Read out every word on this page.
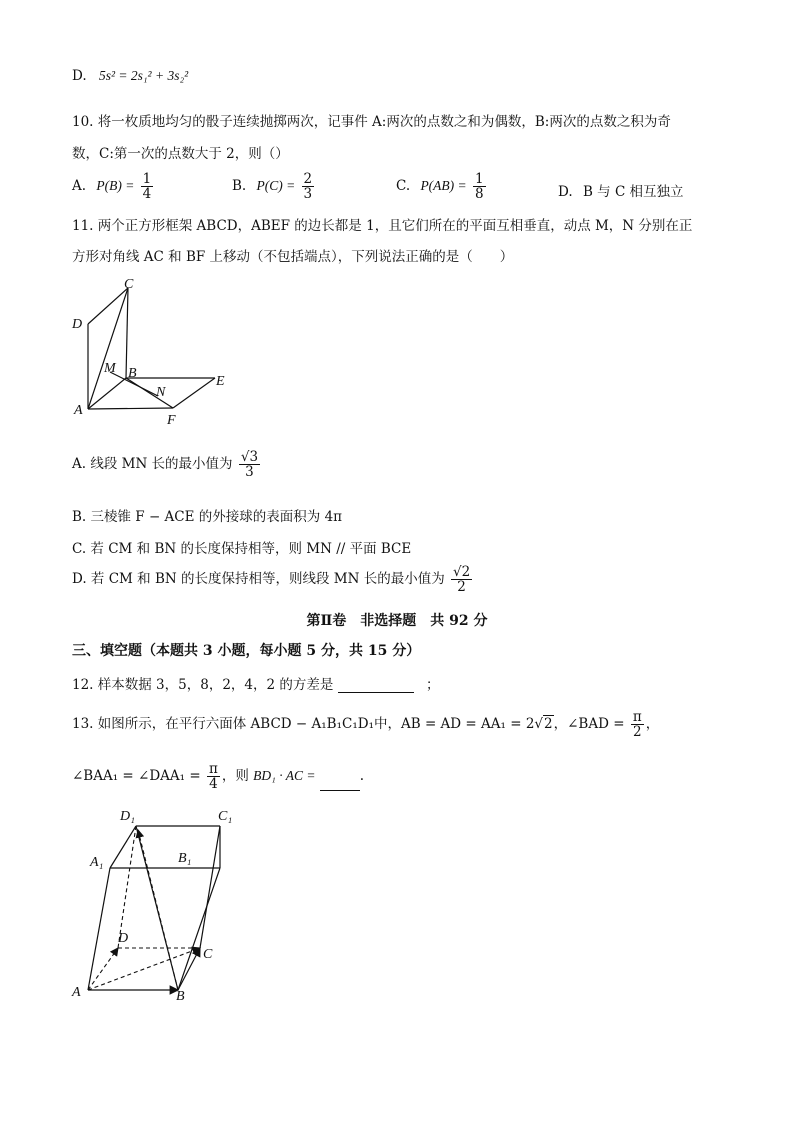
D. 5s² = 2s₁² + 3s₂²
10. 将一枚质地均匀的骰子连续抛掷两次，记事件 A:两次的点数之和为偶数，B:两次的点数之积为奇
数，C:第一次的点数大于 2，则（）
A. $P(B) = \frac{1}{4}$	B. $P(C) = \frac{2}{3}$	C. $P(AB) = \frac{1}{8}$	D. B 与 C 相互独立
11. 两个正方形框架 ABCD，ABEF 的边长都是 1，且它们所在的平面互相垂直，动点 M，N 分别在正
方形对角线 AC 和 BF 上移动（不包括端点），下列说法正确的是（　　）
C
D
M B
E
N
A
F
A. 线段 MN 长的最小值为 $\frac{√3}{3}$
B. 三棱锥 F − ACE 的外接球的表面积为 4π
C. 若 CM 和 BN 的长度保持相等，则 MN // 平面 BCE
D. 若 CM 和 BN 的长度保持相等，则线段 MN 长的最小值为 $\frac{√2}{2}$
第Ⅱ卷　非选择题　共 92 分
三、填空题（本题共 3 小题，每小题 5 分，共 15 分）
12. 样本数据 3，5，8，2，4，2 的方差是	；
13. 如图所示，在平行六面体 ABCD − A₁B₁C₁D₁中，AB = AD = AA₁ = 2√2，∠BAD = $\frac{\pi}{2}$ ，
∠BAA₁ = ∠DAA₁ = $\frac{\pi}{4}$ ，则 BD₁ · AC =	.
D₁	C₁
A₁	B₁
D
C
A	B
